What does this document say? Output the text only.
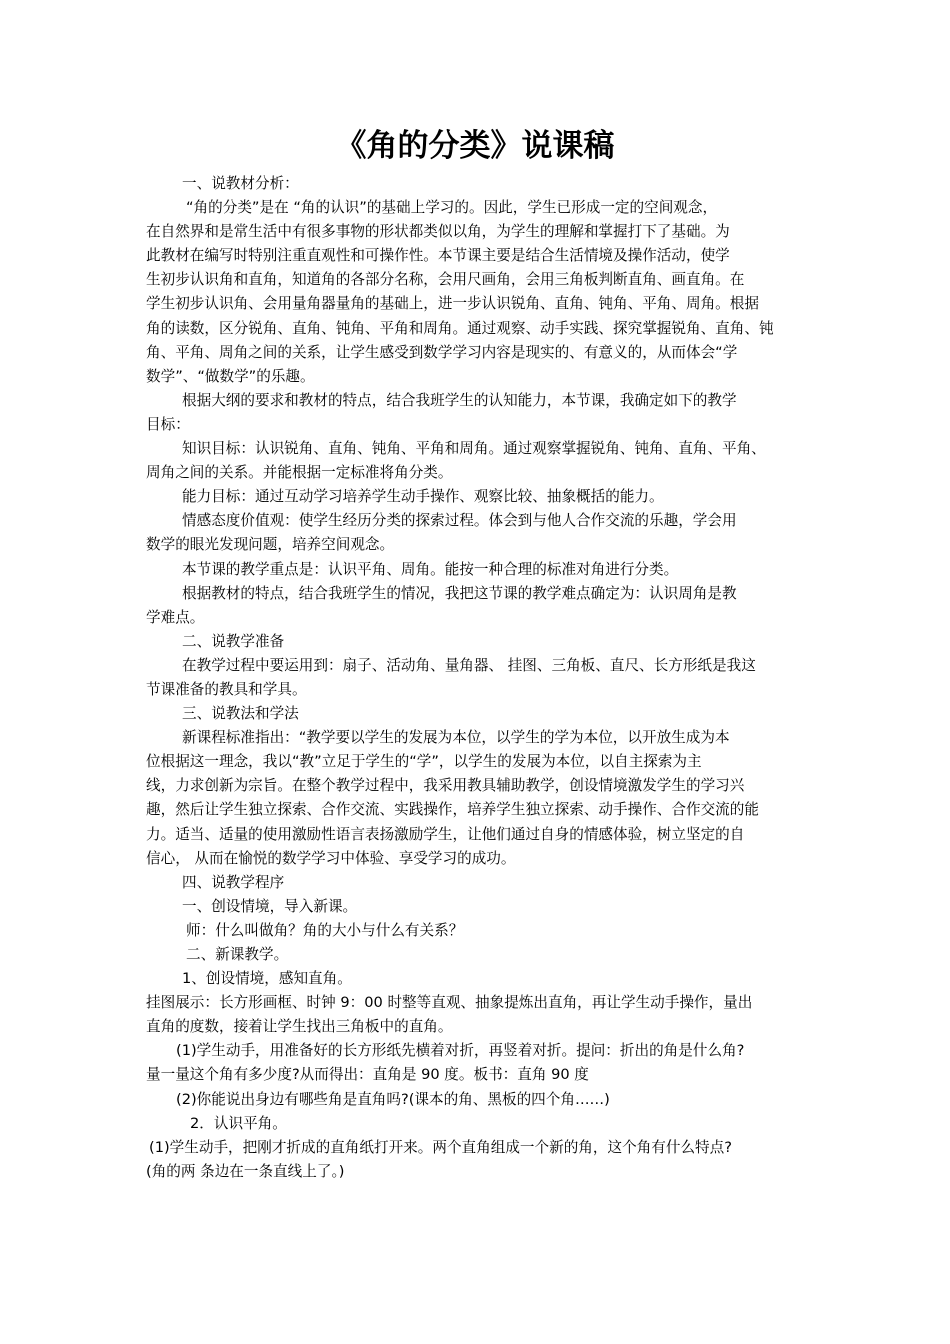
《角的分类》说课稿

一、说教材分析：

“角的分类”是在 “角的认识”的基础上学习的。因此，学生已形成一定的空间观念，

在自然界和是常生活中有很多事物的形状都类似以角，为学生的理解和掌握打下了基础。为

此教材在编写时特别注重直观性和可操作性。本节课主要是结合生活情境及操作活动，使学

生初步认识角和直角，知道角的各部分名称，会用尺画角，会用三角板判断直角、画直角。在

学生初步认识角、会用量角器量角的基础上，进一步认识锐角、直角、钝角、平角、周角。根据

角的读数，区分锐角、直角、钝角、平角和周角。通过观察、动手实践、探究掌握锐角、直角、钝

角、平角、周角之间的关系，让学生感受到数学学习内容是现实的、有意义的，从而体会“学

数学”、“做数学”的乐趣。

根据大纲的要求和教材的特点，结合我班学生的认知能力，本节课，我确定如下的教学

目标：

知识目标：认识锐角、直角、钝角、平角和周角。通过观察掌握锐角、钝角、直角、平角、

周角之间的关系。并能根据一定标准将角分类。

能力目标：通过互动学习培养学生动手操作、观察比较、抽象概括的能力。

情感态度价值观：使学生经历分类的探索过程。体会到与他人合作交流的乐趣，学会用

数学的眼光发现问题，培养空间观念。

本节课的教学重点是：认识平角、周角。能按一种合理的标准对角进行分类。

根据教材的特点，结合我班学生的情况，我把这节课的教学难点确定为：认识周角是教

学难点。

二、说教学准备

在教学过程中要运用到：扇子、活动角、量角器、 挂图、三角板、直尺、长方形纸是我这

节课准备的教具和学具。

三、说教法和学法

新课程标准指出：“教学要以学生的发展为本位，以学生的学为本位，以开放生成为本

位根据这一理念，我以“教”立足于学生的“学”，以学生的发展为本位，以自主探索为主

线，力求创新为宗旨。在整个教学过程中，我采用教具辅助教学，创设情境激发学生的学习兴

趣，然后让学生独立探索、合作交流、实践操作，培养学生独立探索、动手操作、合作交流的能

力。适当、适量的使用激励性语言表扬激励学生，让他们通过自身的情感体验，树立坚定的自

信心， 从而在愉悦的数学学习中体验、享受学习的成功。

四、说教学程序

一、创设情境，导入新课。

师：什么叫做角？角的大小与什么有关系？

二、新课教学。

1、创设情境，感知直角。

挂图展示：长方形画框、时钟 9：00 时整等直观、抽象提炼出直角，再让学生动手操作，量出

直角的度数，接着让学生找出三角板中的直角。

(1)学生动手，用准备好的长方形纸先横着对折，再竖着对折。提问：折出的角是什么角?

量一量这个角有多少度?从而得出：直角是 90 度。板书：直角 90 度

(2)你能说出身边有哪些角是直角吗?(课本的角、黑板的四个角……)

2．认识平角。

(1)学生动手，把刚才折成的直角纸打开来。两个直角组成一个新的角，这个角有什么特点?

(角的两 条边在一条直线上了。)
